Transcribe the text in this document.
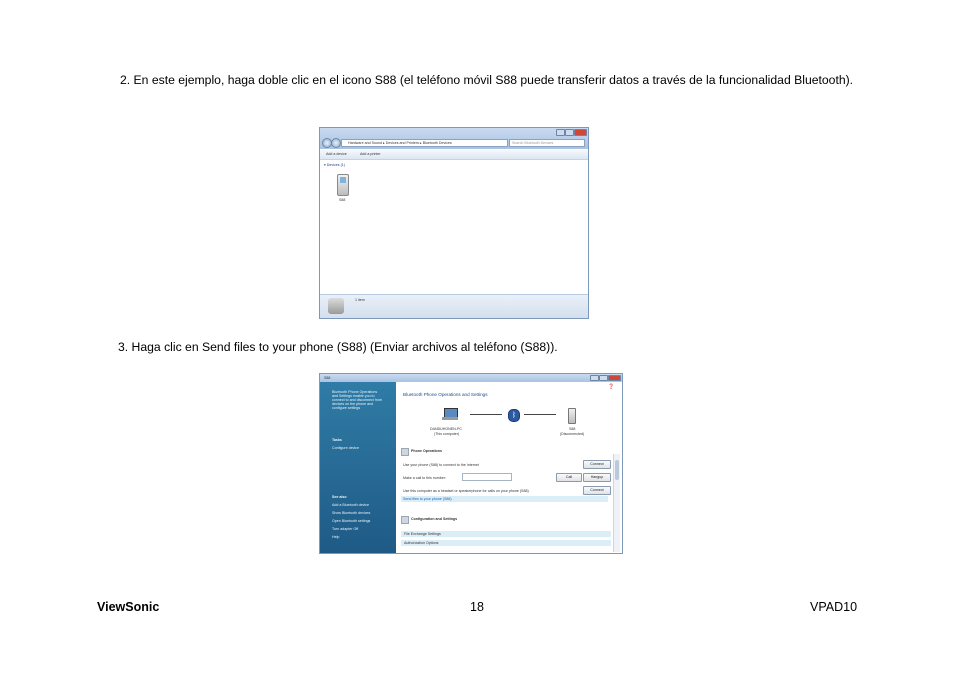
2. En este ejemplo, haga doble clic en el icono S88 (el teléfono móvil S88 puede transferir datos a través de la funcionalidad Bluetooth).
Hardware and Sound ▸ Devices and Printers ▸ Bluetooth Devices	Search Bluetooth Devices
Add a device	Add a printer
▾ Devices (1)
S88
1 item
3. Haga clic en Send files to your phone (S88) (Enviar archivos al teléfono (S88)).
S88
Bluetooth Phone Operations and Settings enable you to connect to and disconnect from devices on the phone and configure settings
Tasks
Configure device
See also
Add a Bluetooth device
Show Bluetooth devices
Open Bluetooth settings
Turn adapter Off
Help
❓
Bluetooth Phone Operations and Settings
ᛒ
DANDUHONEN-PC
(This computer)
S88
(Disconnected)
Phone Operations
Use your phone (S88) to connect to the Internet	Connect
Make a call to this number:	Call	Hangup
Use this computer as a headset or speakerphone for calls on your phone (S88)	Connect
Send files to your phone (S88)
Configuration and Settings
File Exchange Settings
Authorization Options
ViewSonic	18	VPAD10
